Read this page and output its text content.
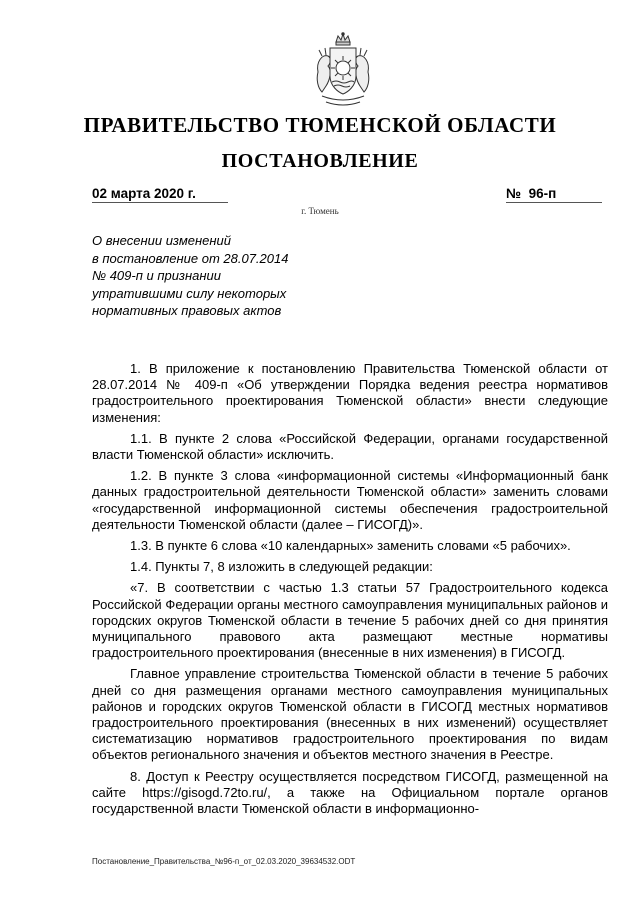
ПРАВИТЕЛЬСТВО ТЮМЕНСКОЙ ОБЛАСТИ
ПОСТАНОВЛЕНИЕ
02 марта 2020 г.	№ 96-п
г. Тюмень
О внесении изменений
в постановление от 28.07.2014
№ 409-п и признании
утратившими силу некоторых
нормативных правовых актов

1. В приложение к постановлению Правительства Тюменской области от 28.07.2014 № 409-п «Об утверждении Порядка ведения реестра нормативов градостроительного проектирования Тюменской области» внести следующие изменения:

1.1. В пункте 2 слова «Российской Федерации, органами государственной власти Тюменской области» исключить.

1.2. В пункте 3 слова «информационной системы «Информационный банк данных градостроительной деятельности Тюменской области» заменить словами «государственной информационной системы обеспечения градостроительной деятельности Тюменской области (далее – ГИСОГД)».

1.3. В пункте 6 слова «10 календарных» заменить словами «5 рабочих».

1.4. Пункты 7, 8 изложить в следующей редакции:

«7. В соответствии с частью 1.3 статьи 57 Градостроительного кодекса Российской Федерации органы местного самоуправления муниципальных районов и городских округов Тюменской области в течение 5 рабочих дней со дня принятия муниципального правового акта размещают местные нормативы градостроительного проектирования (внесенные в них изменения) в ГИСОГД.

Главное управление строительства Тюменской области в течение 5 рабочих дней со дня размещения органами местного самоуправления муниципальных районов и городских округов Тюменской области в ГИСОГД местных нормативов градостроительного проектирования (внесенных в них изменений) осуществляет систематизацию нормативов градостроительного проектирования по видам объектов регионального значения и объектов местного значения в Реестре.

8. Доступ к Реестру осуществляется посредством ГИСОГД, размещенной на сайте https://gisogd.72to.ru/, а также на Официальном портале органов государственной власти Тюменской области в информационно-

Постановление_Правительства_№96-п_от_02.03.2020_39634532.ODT
